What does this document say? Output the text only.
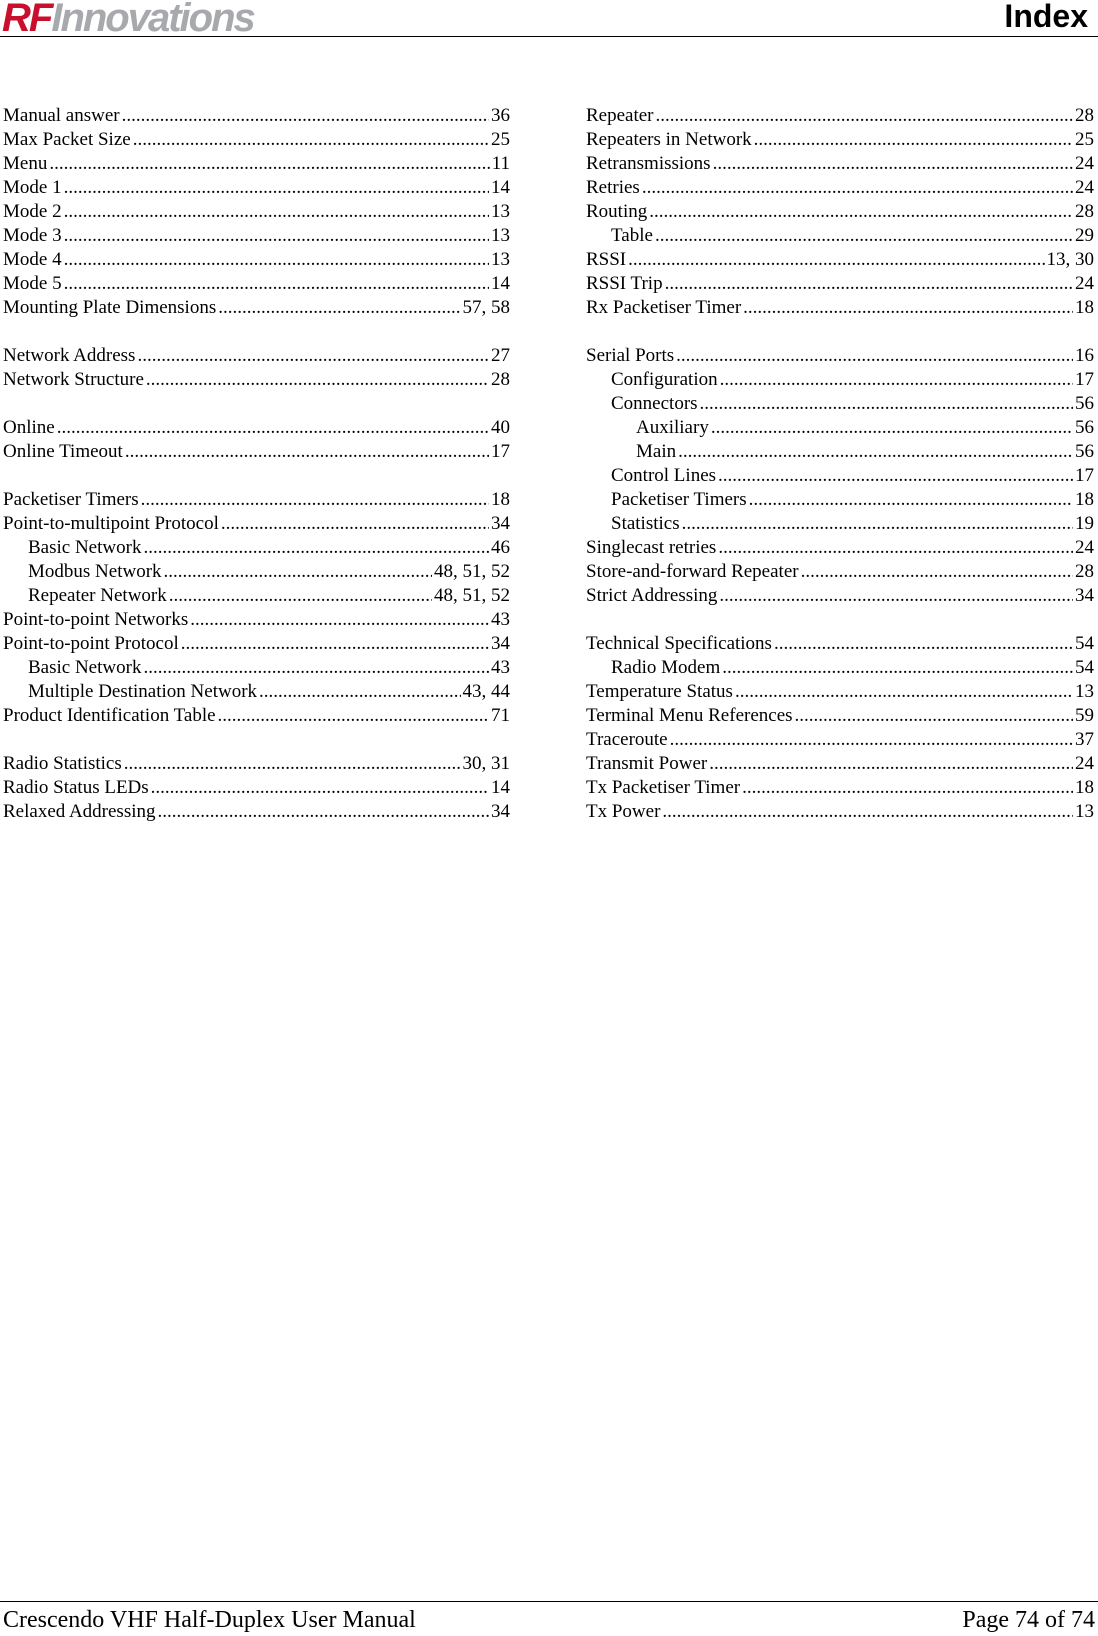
RFInnovations	Index
Manual answer .....	36
Max Packet Size .....	25
Menu .....	11
Mode 1 .....	14
Mode 2 .....	13
Mode 3 .....	13
Mode 4 .....	13
Mode 5 .....	14
Mounting Plate Dimensions .....	57, 58
Network Address .....	27
Network Structure .....	28
Online .....	40
Online Timeout .....	17
Packetiser Timers .....	18
Point-to-multipoint Protocol .....	34
Basic Network .....	46
Modbus Network .....	48, 51, 52
Repeater Network .....	48, 51, 52
Point-to-point Networks .....	43
Point-to-point Protocol .....	34
Basic Network .....	43
Multiple Destination Network .....	43, 44
Product Identification Table .....	71
Radio Statistics .....	30, 31
Radio Status LEDs .....	14
Relaxed Addressing .....	34
Repeater .....	28
Repeaters in Network .....	25
Retransmissions .....	24
Retries .....	24
Routing .....	28
Table .....	29
RSSI .....	13, 30
RSSI Trip .....	24
Rx Packetiser Timer .....	18
Serial Ports .....	16
Configuration .....	17
Connectors .....	56
Auxiliary .....	56
Main .....	56
Control Lines .....	17
Packetiser Timers .....	18
Statistics .....	19
Singlecast retries .....	24
Store-and-forward Repeater .....	28
Strict Addressing .....	34
Technical Specifications .....	54
Radio Modem .....	54
Temperature Status .....	13
Terminal Menu References .....	59
Traceroute .....	37
Transmit Power .....	24
Tx Packetiser Timer .....	18
Tx Power .....	13
Crescendo VHF Half-Duplex User Manual	Page 74 of 74
